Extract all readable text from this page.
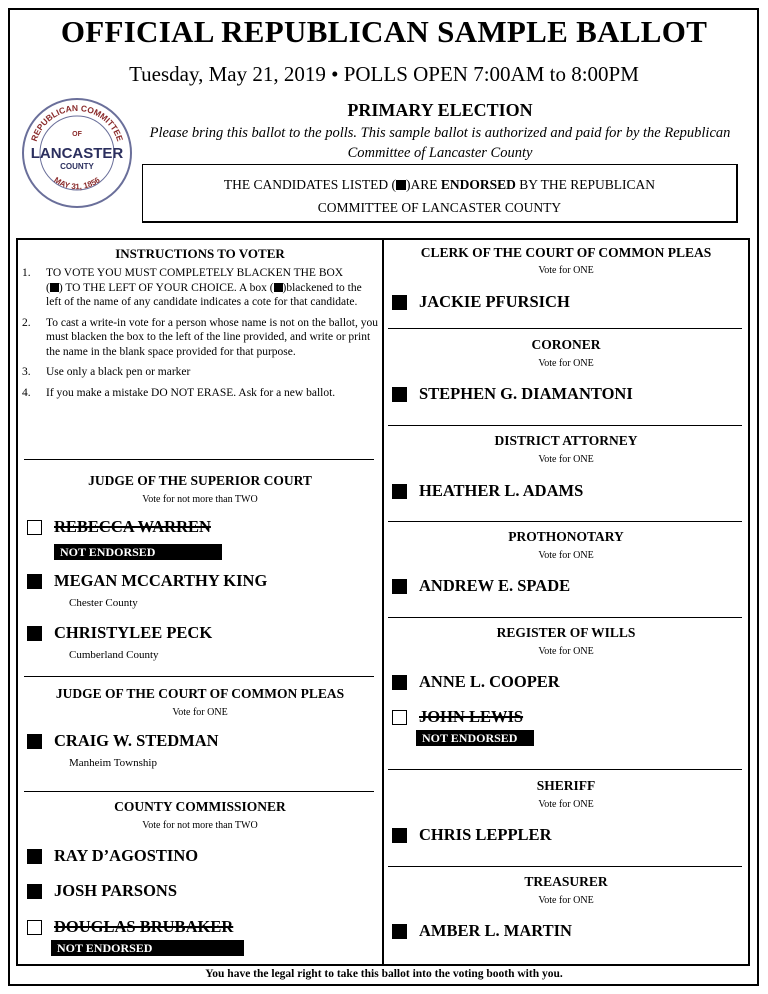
OFFICIAL REPUBLICAN SAMPLE BALLOT
Tuesday, May 21, 2019 • POLLS OPEN 7:00AM to 8:00PM
REPUBLICAN COMMITTEE
OF
LANCASTER
COUNTY
MAY 31, 1856
PRIMARY ELECTION
Please bring this ballot to the polls. This sample ballot is authorized and paid for by the Republican Committee of Lancaster County
THE CANDIDATES LISTED ( )ARE ENDORSED BY THE REPUBLICAN
COMMITTEE OF LANCASTER COUNTY
INSTRUCTIONS TO VOTER
1.	TO VOTE YOU MUST COMPLETELY BLACKEN THE BOX
( ) TO THE LEFT OF YOUR CHOICE. A box ( )blackened to the left of the name of any candidate indicates a cote for that candidate.
2.	To cast a write-in vote for a person whose name is not on the ballot, you must blacken the box to the left of the line provided, and write or print the name in the blank space provided for that purpose.
3.	Use only a black pen or marker
4.	If you make a mistake DO NOT ERASE. Ask for a new ballot.
JUDGE OF THE SUPERIOR COURT
Vote for not more than TWO
REBECCA WARREN
NOT ENDORSED
MEGAN MCCARTHY KING
Chester County
CHRISTYLEE PECK
Cumberland County
JUDGE OF THE COURT OF COMMON PLEAS
Vote for ONE
CRAIG W. STEDMAN
Manheim Township
COUNTY COMMISSIONER
Vote for not more than TWO
RAY D’AGOSTINO
JOSH PARSONS
DOUGLAS BRUBAKER
NOT ENDORSED
CLERK OF THE COURT OF COMMON PLEAS
Vote for ONE
JACKIE PFURSICH
CORONER
Vote for ONE
STEPHEN G. DIAMANTONI
DISTRICT ATTORNEY
Vote for ONE
HEATHER L. ADAMS
PROTHONOTARY
Vote for ONE
ANDREW E. SPADE
REGISTER OF WILLS
Vote for ONE
ANNE L. COOPER
JOHN LEWIS
NOT ENDORSED
SHERIFF
Vote for ONE
CHRIS LEPPLER
TREASURER
Vote for ONE
AMBER L. MARTIN
You have the legal right to take this ballot into the voting booth with you.
